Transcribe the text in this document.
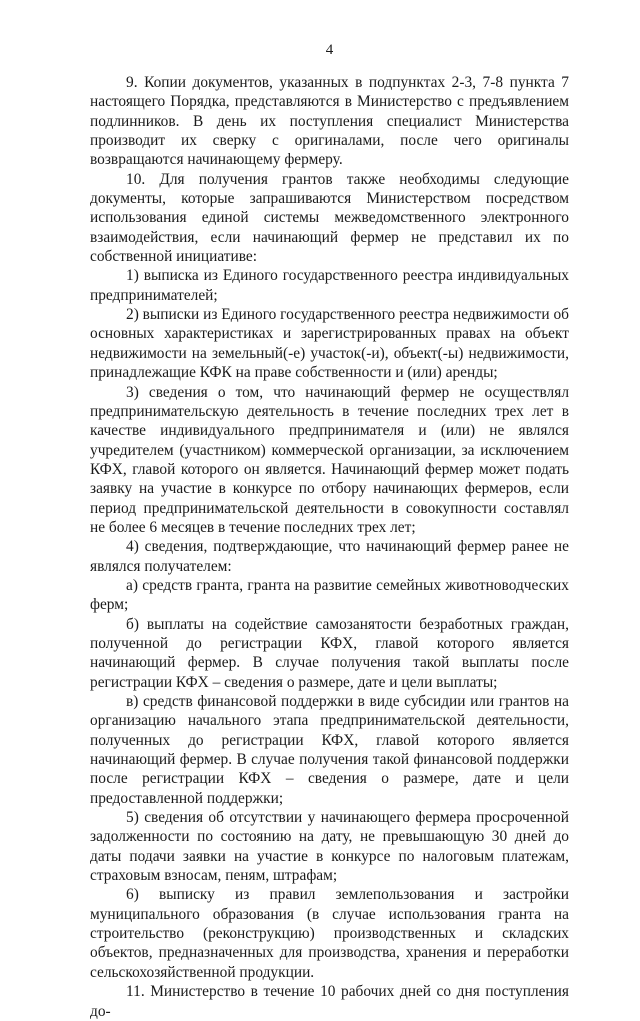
4

9. Копии документов, указанных в подпунктах 2-3, 7-8 пункта 7 настоящего Порядка, представляются в Министерство с предъявлением подлинников. В день их поступления специалист Министерства производит их сверку с оригиналами, после чего оригиналы возвращаются начинающему фермеру.

10. Для получения грантов также необходимы следующие документы, которые запрашиваются Министерством посредством использования единой системы межведомственного электронного взаимодействия, если начинающий фермер не представил их по собственной инициативе:

1) выписка из Единого государственного реестра индивидуальных предпринимателей;

2) выписки из Единого государственного реестра недвижимости об основных характеристиках и зарегистрированных правах на объект недвижимости на земельный(-е) участок(-и), объект(-ы) недвижимости, принадлежащие КФК на праве собственности и (или) аренды;

3) сведения о том, что начинающий фермер не осуществлял предпринимательскую деятельность в течение последних трех лет в качестве индивидуального предпринимателя и (или) не являлся учредителем (участником) коммерческой организации, за исключением КФХ, главой которого он является. Начинающий фермер может подать заявку на участие в конкурсе по отбору начинающих фермеров, если период предпринимательской деятельности в совокупности составлял не более 6 месяцев в течение последних трех лет;

4) сведения, подтверждающие, что начинающий фермер ранее не являлся получателем:

а) средств гранта, гранта на развитие семейных животноводческих ферм;

б) выплаты на содействие самозанятости безработных граждан, полученной до регистрации КФХ, главой которого является начинающий фермер. В случае получения такой выплаты после регистрации КФХ – сведения о размере, дате и цели выплаты;

в) средств финансовой поддержки в виде субсидии или грантов на организацию начального этапа предпринимательской деятельности, полученных до регистрации КФХ, главой которого является начинающий фермер. В случае получения такой финансовой поддержки после регистрации КФХ – сведения о размере, дате и цели предоставленной поддержки;

5) сведения об отсутствии у начинающего фермера просроченной задолженности по состоянию на дату, не превышающую 30 дней до даты подачи заявки на участие в конкурсе по налоговым платежам, страховым взносам, пеням, штрафам;

6) выписку из правил землепользования и застройки муниципального образования (в случае использования гранта на строительство (реконструкцию) производственных и складских объектов, предназначенных для производства, хранения и переработки сельскохозяйственной продукции.

11. Министерство в течение 10 рабочих дней со дня поступления до-
